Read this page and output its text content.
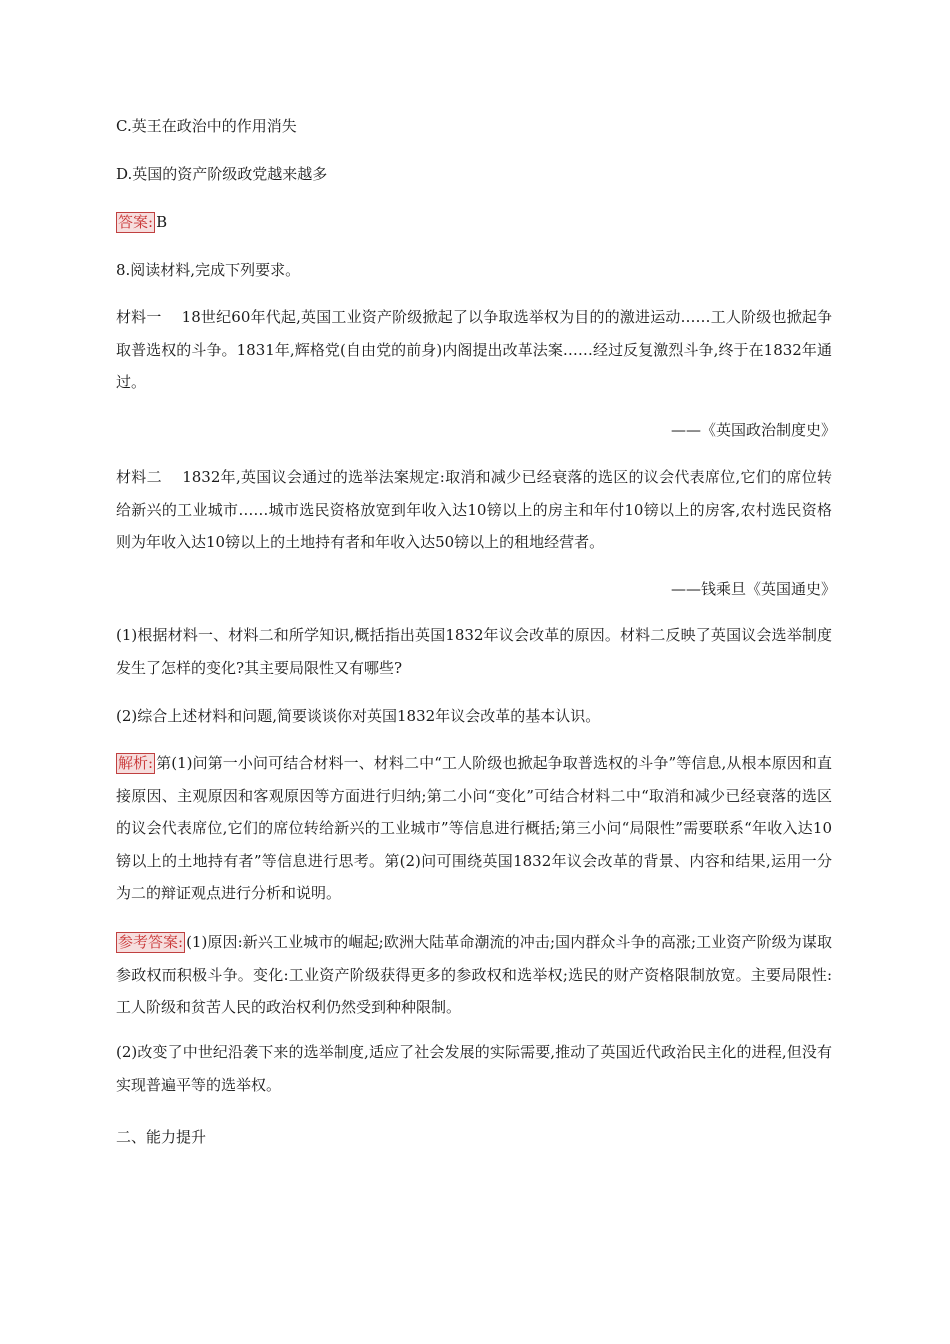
C.英王在政治中的作用消失
D.英国的资产阶级政党越来越多
答案: B
8.阅读材料,完成下列要求。
材料一　 18世纪60年代起,英国工业资产阶级掀起了以争取选举权为目的的激进运动……工人阶级也掀起争取普选权的斗争。1831年,辉格党(自由党的前身)内阁提出改革法案……经过反复激烈斗争,终于在1832年通过。
——《英国政治制度史》
材料二　 1832年,英国议会通过的选举法案规定:取消和减少已经衰落的选区的议会代表席位,它们的席位转给新兴的工业城市……城市选民资格放宽到年收入达10镑以上的房主和年付10镑以上的房客,农村选民资格则为年收入达10镑以上的土地持有者和年收入达50镑以上的租地经营者。
——钱乘旦《英国通史》
(1)根据材料一、材料二和所学知识,概括指出英国1832年议会改革的原因。材料二反映了英国议会选举制度发生了怎样的变化?其主要局限性又有哪些?
(2)综合上述材料和问题,简要谈谈你对英国1832年议会改革的基本认识。
解析: 第(1)问第一小问可结合材料一、材料二中“工人阶级也掀起争取普选权的斗争”等信息,从根本原因和直接原因、主观原因和客观原因等方面进行归纳;第二小问“变化”可结合材料二中“取消和减少已经衰落的选区的议会代表席位,它们的席位转给新兴的工业城市”等信息进行概括;第三小问“局限性”需要联系“年收入达10镑以上的土地持有者”等信息进行思考。第(2)问可围绕英国1832年议会改革的背景、内容和结果,运用一分为二的辩证观点进行分析和说明。
参考答案: (1)原因:新兴工业城市的崛起;欧洲大陆革命潮流的冲击;国内群众斗争的高涨;工业资产阶级为谋取参政权而积极斗争。变化:工业资产阶级获得更多的参政权和选举权;选民的财产资格限制放宽。主要局限性:工人阶级和贫苦人民的政治权利仍然受到种种限制。
(2)改变了中世纪沿袭下来的选举制度,适应了社会发展的实际需要,推动了英国近代政治民主化的进程,但没有实现普遍平等的选举权。
二、能力提升
